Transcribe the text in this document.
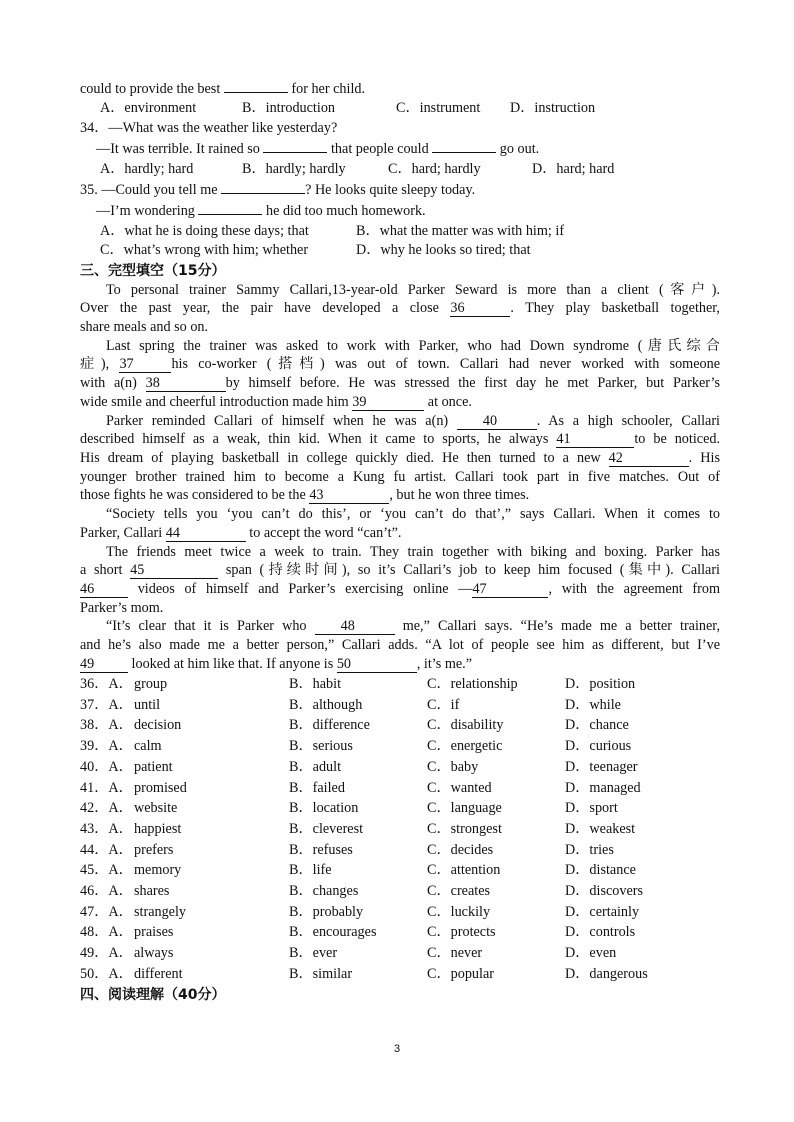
could to provide the best	for her child.
A．environment	B．introduction	C．instrument D．instruction
34．—What was the weather like yesterday?
—It was terrible. It rained so	that people could	go out.
A．hardly; hard	B．hardly; hardly	C．hard; hardly	D．hard; hard
35. —Could you tell me	? He looks quite sleepy today.
—I’m wondering	he did too much homework.
A．what he is doing these days; that	B．what the matter was with him; if
C．what’s wrong with him; whether	D．why he looks so tired; that
三、完型填空（15分）
To personal trainer Sammy Callari,13-year-old Parker Seward is more than a client (客户).
Over the past year, the pair have developed a close 36	. They play basketball together,
share meals and so on.
Last spring the trainer was asked to work with Parker, who had Down syndrome (唐氏综合
症), 37	his co-worker (搭档) was out of town. Callari had never worked with someone
with a(n) 38	by himself before. He was stressed the first day he met Parker, but Parker’s
wide smile and cheerful introduction made him 39	at once.
Parker reminded Callari of himself when he was a(n) 40	. As a high schooler, Callari
described himself as a weak, thin kid. When it came to sports, he always 41	to be noticed.
His dream of playing basketball in college quickly died. He then turned to a new 42	. His
younger brother trained him to become a Kung fu artist. Callari took part in five matches. Out of
those fights he was considered to be the 43	, but he won three times.
“Society tells you ‘you can’t do this’, or ‘you can’t do that’,” says Callari. When it comes to
Parker, Callari 44	to accept the word “can’t”.
The friends meet twice a week to train. They train together with biking and boxing. Parker has
a short 45	span (持续时间), so it’s Callari’s job to keep him focused (集中). Callari
46	videos of himself and Parker’s exercising online —47	, with the agreement from
Parker’s mom.
“It’s clear that it is Parker who 48	me,” Callari says. “He’s made me a better trainer,
and he’s also made me a better person,” Callari adds. “A lot of people see him as different, but I’ve
49	looked at him like that. If anyone is 50	, it’s me.”
36．A．	group	B．habit	C．relationship	D．position
37．A．	until	B．although	C．if	D．while
38．A．	decision	B．difference	C．disability	D．chance
39．A．	calm	B．serious	C．energetic	D．curious
40．A．	patient	B．adult	C．baby	D．teenager
41．A．	promised	B．failed	C．wanted	D．managed
42．A．	website	B．location	C．language	D．sport
43．A．	happiest	B．cleverest	C．strongest	D．weakest
44．A．	prefers	B．refuses	C．decides	D．tries
45．A．	memory	B．life	C．attention	D．distance
46．A．	shares	B．changes	C．creates	D．discovers
47．A．	strangely	B．probably	C．luckily	D．certainly
48．A．	praises	B．encourages	C．protects	D．controls
49．A．	always	B．ever	C．never	D．even
50．A．	different	B．similar	C．popular	D．dangerous
四、阅读理解（40分）
3
